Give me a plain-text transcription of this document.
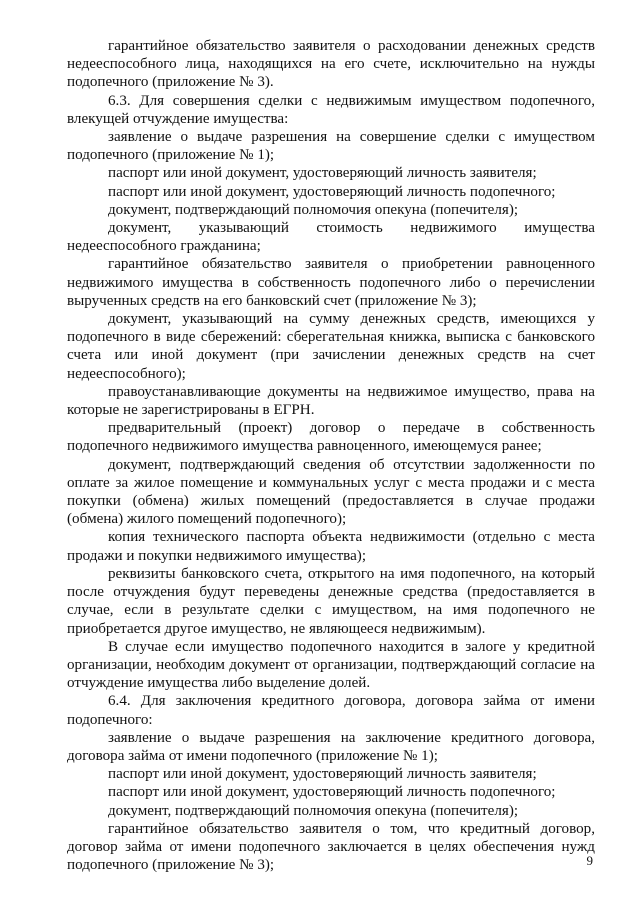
гарантийное обязательство заявителя о расходовании денежных средств недееспособного лица, находящихся на его счете, исключительно на нужды подопечного (приложение № 3).

6.3. Для совершения сделки с недвижимым имуществом подопечного, влекущей отчуждение имущества:

заявление о выдаче разрешения на совершение сделки с имуществом подопечного (приложение № 1);

паспорт или иной документ, удостоверяющий личность заявителя;

паспорт или иной документ, удостоверяющий личность подопечного;

документ, подтверждающий полномочия опекуна (попечителя);

документ, указывающий стоимость недвижимого имущества недееспособного гражданина;

гарантийное обязательство заявителя о приобретении равноценного недвижимого имущества в собственность подопечного либо о перечислении вырученных средств на его банковский счет (приложение № 3);

документ, указывающий на сумму денежных средств, имеющихся у подопечного в виде сбережений: сберегательная книжка, выписка с банковского счета или иной документ (при зачислении денежных средств на счет недееспособного);

правоустанавливающие документы на недвижимое имущество, права на которые не зарегистрированы в ЕГРН.

предварительный (проект) договор о передаче в собственность подопечного недвижимого имущества равноценного, имеющемуся ранее;

документ, подтверждающий сведения об отсутствии задолженности по оплате за жилое помещение и коммунальных услуг с места продажи и с места покупки (обмена) жилых помещений (предоставляется в случае продажи (обмена) жилого помещений подопечного);

копия технического паспорта объекта недвижимости (отдельно с места продажи и покупки недвижимого имущества);

реквизиты банковского счета, открытого на имя подопечного, на который после отчуждения будут переведены денежные средства (предоставляется в случае, если в результате сделки с имуществом, на имя подопечного не приобретается другое имущество, не являющееся недвижимым).

В случае если имущество подопечного находится в залоге у кредитной организации, необходим документ от организации, подтверждающий согласие на отчуждение имущества либо выделение долей.

6.4. Для заключения кредитного договора, договора займа от имени подопечного:

заявление о выдаче разрешения на заключение кредитного договора, договора займа от имени подопечного (приложение № 1);

паспорт или иной документ, удостоверяющий личность заявителя;

паспорт или иной документ, удостоверяющий личность подопечного;

документ, подтверждающий полномочия опекуна (попечителя);

гарантийное обязательство заявителя о том, что кредитный договор, договор займа от имени подопечного заключается в целях обеспечения нужд подопечного (приложение № 3);	9
